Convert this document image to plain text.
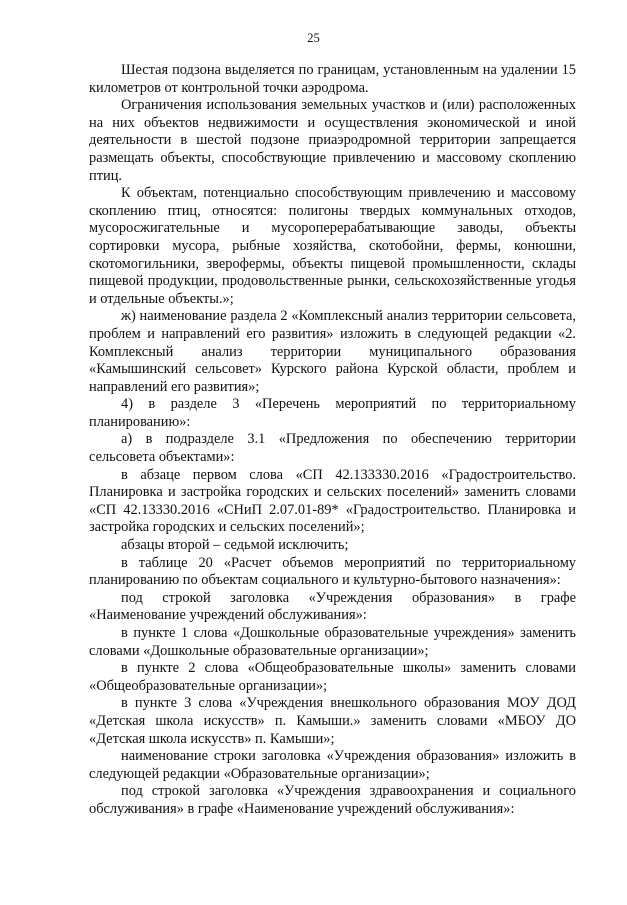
25

Шестая подзона выделяется по границам, установленным на удалении 15 километров от контрольной точки аэродрома.

Ограничения использования земельных участков и (или) расположенных на них объектов недвижимости и осуществления экономической и иной деятельности в шестой подзоне приаэродромной территории запрещается размещать объекты, способствующие привлечению и массовому скоплению птиц.

К объектам, потенциально способствующим привлечению и массовому скоплению птиц, относятся: полигоны твердых коммунальных отходов, мусоросжигательные и мусороперерабатывающие заводы, объекты сортировки мусора, рыбные хозяйства, скотобойни, фермы, конюшни, скотомогильники, зверофермы, объекты пищевой промышленности, склады пищевой продукции, продовольственные рынки, сельскохозяйственные угодья и отдельные объекты.»;

ж) наименование раздела 2 «Комплексный анализ территории сельсовета, проблем и направлений его развития» изложить в следующей редакции «2. Комплексный анализ территории муниципального образования «Камышинский сельсовет» Курского района Курской области, проблем и направлений его развития»;

4) в разделе 3 «Перечень мероприятий по территориальному планированию»:

а) в подразделе 3.1 «Предложения по обеспечению территории сельсовета объектами»:

в абзаце первом слова «СП 42.133330.2016 «Градостроительство. Планировка и застройка городских и сельских поселений» заменить словами «СП 42.13330.2016 «СНиП 2.07.01-89* «Градостроительство. Планировка и застройка городских и сельских поселений»;

абзацы второй – седьмой исключить;

в таблице 20 «Расчет объемов мероприятий по территориальному планированию по объектам социального и культурно-бытового назначения»:

под строкой заголовка «Учреждения образования» в графе «Наименование учреждений обслуживания»:

в пункте 1 слова «Дошкольные образовательные учреждения» заменить словами «Дошкольные образовательные организации»;

в пункте 2 слова «Общеобразовательные школы» заменить словами «Общеобразовательные организации»;

в пункте 3 слова «Учреждения внешкольного образования МОУ ДОД «Детская школа искусств» п. Камыши.» заменить словами «МБОУ ДО «Детская школа искусств» п. Камыши»;

наименование строки заголовка «Учреждения образования» изложить в следующей редакции «Образовательные организации»;

под строкой заголовка «Учреждения здравоохранения и социального обслуживания» в графе «Наименование учреждений обслуживания»:
